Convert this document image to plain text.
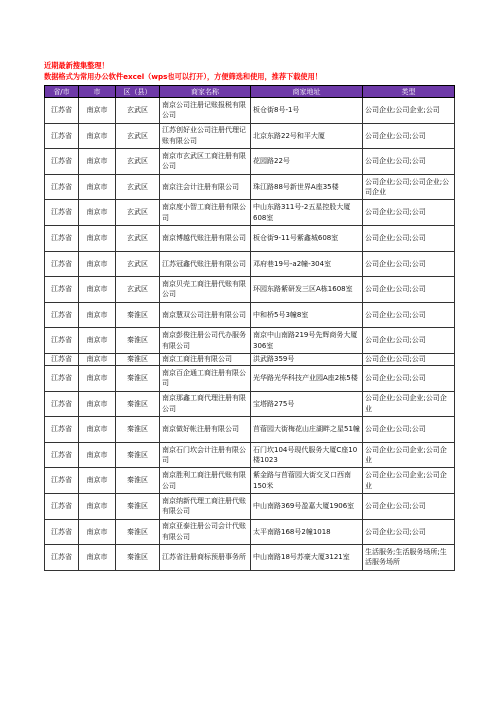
近期最新搜集整理！
数据格式为常用办公软件excel（wps也可以打开），方便筛选和使用，推荐下载使用！
省/市	市	区（县）	商家名称	商家地址	类型
江苏省	南京市	玄武区	南京公司注册记账报税有限公司	板仓街8号-1号	公司企业;公司企业;公司
江苏省	南京市	玄武区	江苏创好业公司注册代理记账有限公司	北京东路22号和平大厦	公司企业;公司;公司
江苏省	南京市	玄武区	南京市玄武区工商注册有限公司	花园路22号	公司企业;公司;公司
江苏省	南京市	玄武区	南京注会计注册有限公司	珠江路88号新世界A座35楼	公司企业;公司;公司企业;公司企业
江苏省	南京市	玄武区	南京度小智工商注册有限公司	中山东路311号-2五星控股大厦608室	公司企业;公司;公司
江苏省	南京市	玄武区	南京博越代账注册有限公司	板仓街9-11号紫鑫城608室	公司企业;公司;公司
江苏省	南京市	玄武区	江苏冠鑫代账注册有限公司	邓府巷19号-a2幢-304室	公司企业;公司;公司
江苏省	南京市	玄武区	南京贝壳工商注册代账有限公司	环园东路紫研发三区A栋1608室	公司企业;公司;公司
江苏省	南京市	秦淮区	南京慧双公司注册有限公司	中和桥5号3幢8室	公司企业;公司;公司
江苏省	南京市	秦淮区	南京彭俊注册公司代办服务有限公司	南京中山南路219号先辉商务大厦306室	公司企业;公司;公司
江苏省	南京市	秦淮区	南京工商注册有限公司	洪武路359号	公司企业;公司;公司
江苏省	南京市	秦淮区	南京百企通工商注册有限公司	光华路光华科技产业园A座2栋5楼	公司企业;公司;公司
江苏省	南京市	秦淮区	南京那鑫工商代理注册有限公司	宝塔路275号	公司企业;公司企业;公司企业
江苏省	南京市	秦淮区	南京做好帐注册有限公司	苜蓿园大街梅花山庄湖畔之星51幢	公司企业;公司;公司
江苏省	南京市	秦淮区	南京石门坎会计注册有限公司	石门坎104号现代服务大厦C座10楼1023	公司企业;公司企业;公司企业
江苏省	南京市	秦淮区	南京胜利工商注册代账有限公司	紫金路与苜蓿园大街交叉口西南150米	公司企业;公司企业;公司企业
江苏省	南京市	秦淮区	南京纳新代理工商注册代账有限公司	中山南路369号盈嘉大厦1906室	公司企业;公司;公司
江苏省	南京市	秦淮区	南京亚泰注册公司会计代账有限公司	太平南路168号2幢1018	公司企业;公司;公司
江苏省	南京市	秦淮区	江苏省注册商标预册事务所	中山南路18号苏豪大厦3121室	生活服务;生活服务场所;生活服务场所
